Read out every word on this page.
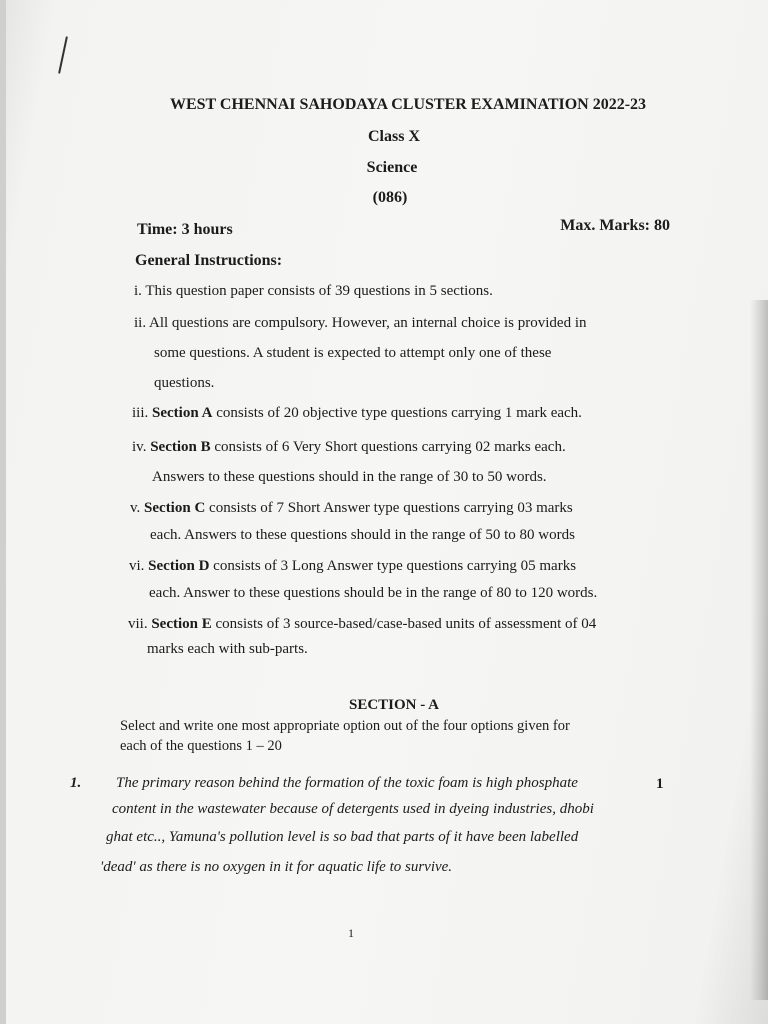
WEST CHENNAI SAHODAYA CLUSTER EXAMINATION 2022-23
Class X
Science
(086)
Time: 3 hours	Max. Marks: 80
General Instructions:
i. This question paper consists of 39 questions in 5 sections.
ii. All questions are compulsory. However, an internal choice is provided in
some questions. A student is expected to attempt only one of these
questions.
iii. Section A consists of 20 objective type questions carrying 1 mark each.
iv. Section B consists of 6 Very Short questions carrying 02 marks each.
Answers to these questions should in the range of 30 to 50 words.
v. Section C consists of 7 Short Answer type questions carrying 03 marks
each. Answers to these questions should in the range of 50 to 80 words
vi. Section D consists of 3 Long Answer type questions carrying 05 marks
each. Answer to these questions should be in the range of 80 to 120 words.
vii. Section E consists of 3 source-based/case-based units of assessment of 04
marks each with sub-parts.
SECTION - A
Select and write one most appropriate option out of the four options given for
each of the questions 1 – 20
1.	1
The primary reason behind the formation of the toxic foam is high phosphate
content in the wastewater because of detergents used in dyeing industries, dhobi
ghat etc.., Yamuna's pollution level is so bad that parts of it have been labelled
'dead' as there is no oxygen in it for aquatic life to survive.
1
